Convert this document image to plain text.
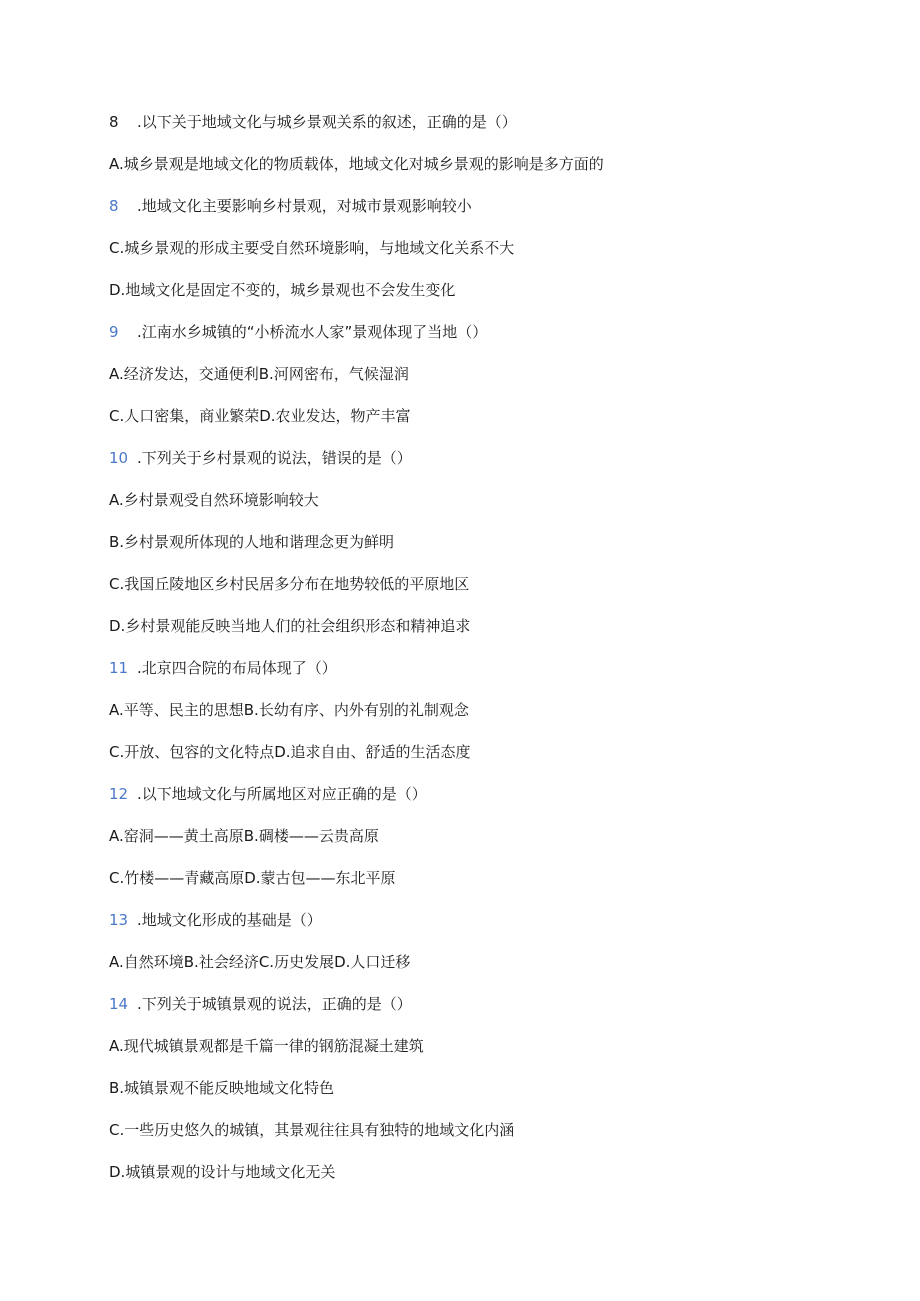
8 .以下关于地域文化与城乡景观关系的叙述，正确的是（）
A.城乡景观是地域文化的物质载体，地域文化对城乡景观的影响是多方面的
8 .地域文化主要影响乡村景观，对城市景观影响较小
C.城乡景观的形成主要受自然环境影响，与地域文化关系不大
D.地域文化是固定不变的，城乡景观也不会发生变化
9 .江南水乡城镇的“小桥流水人家”景观体现了当地（）
A.经济发达，交通便利B.河网密布，气候湿润
C.人口密集，商业繁荣D.农业发达，物产丰富
10 .下列关于乡村景观的说法，错误的是（）
A.乡村景观受自然环境影响较大
B.乡村景观所体现的人地和谐理念更为鲜明
C.我国丘陵地区乡村民居多分布在地势较低的平原地区
D.乡村景观能反映当地人们的社会组织形态和精神追求
11 .北京四合院的布局体现了（）
A.平等、民主的思想B.长幼有序、内外有别的礼制观念
C.开放、包容的文化特点D.追求自由、舒适的生活态度
12 .以下地域文化与所属地区对应正确的是（）
A.窑洞——黄土高原B.碉楼——云贵高原
C.竹楼——青藏高原D.蒙古包——东北平原
13 .地域文化形成的基础是（）
A.自然环境B.社会经济C.历史发展D.人口迁移
14 .下列关于城镇景观的说法，正确的是（）
A.现代城镇景观都是千篇一律的钢筋混凝土建筑
B.城镇景观不能反映地域文化特色
C.一些历史悠久的城镇，其景观往往具有独特的地域文化内涵
D.城镇景观的设计与地域文化无关
